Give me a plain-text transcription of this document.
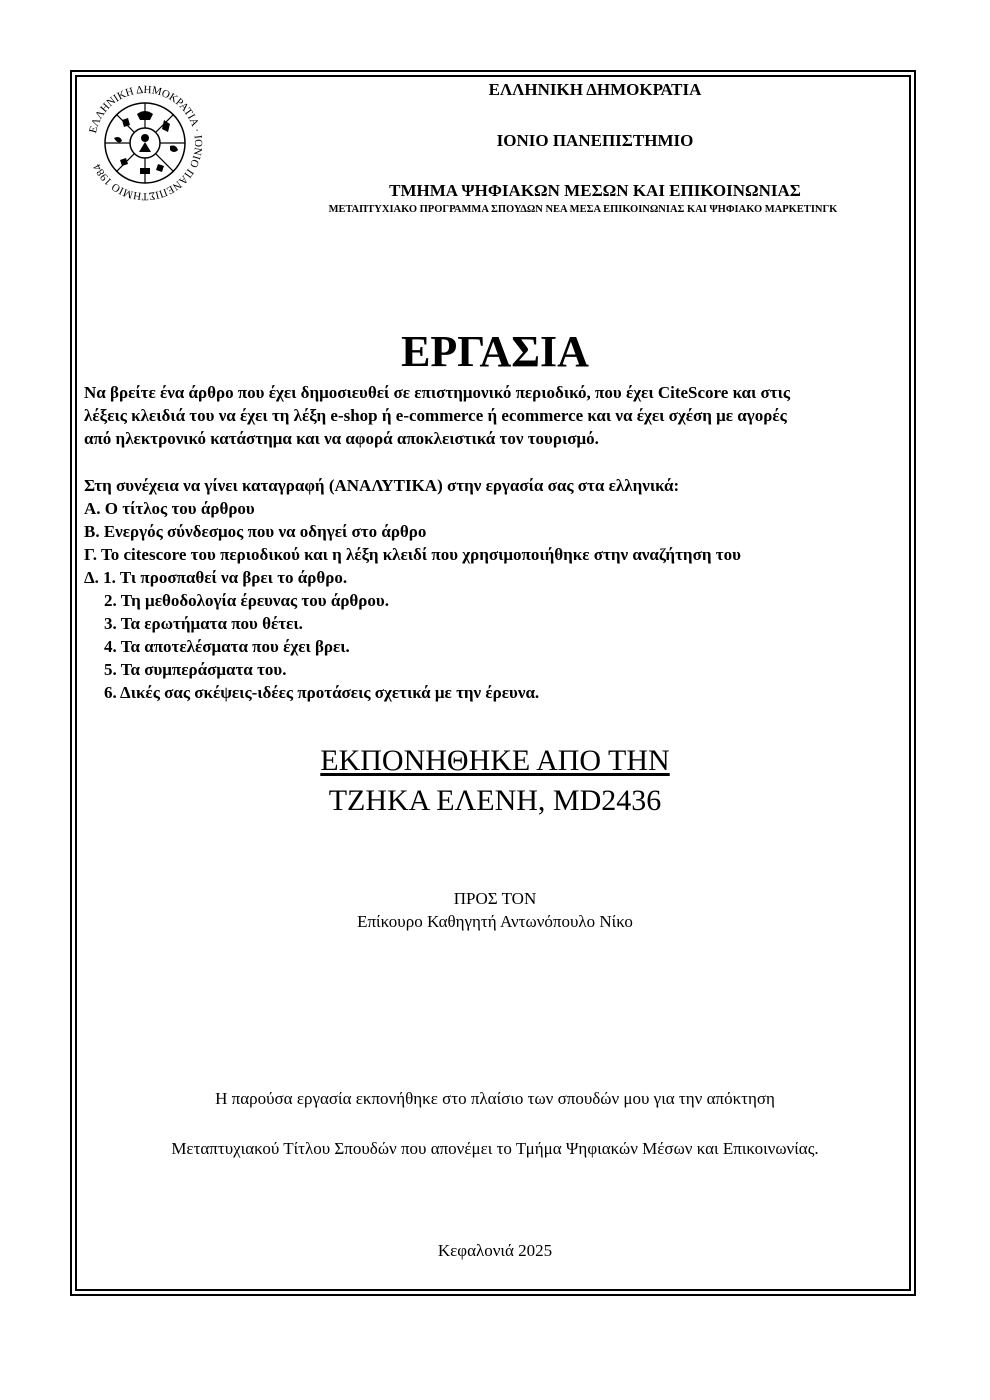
ΕΛΛΗΝΙΚΗ ΔΗΜΟΚΡΑΤΙΑ · ΙΟΝΙΟ ΠΑΝΕΠΙΣΤΗΜΙΟ 1984
ΕΛΛΗΝΙΚΗ ΔΗΜΟΚΡΑΤΙΑ
ΙΟΝΙΟ ΠΑΝΕΠΙΣΤΗΜΙΟ
ΤΜΗΜΑ ΨΗΦΙΑΚΩΝ ΜΕΣΩΝ ΚΑΙ ΕΠΙΚΟΙΝΩΝΙΑΣ
ΜΕΤΑΠΤΥΧΙΑΚΟ ΠΡΟΓΡΑΜΜΑ ΣΠΟΥΔΩΝ ΝΕΑ ΜΕΣΑ ΕΠΙΚΟΙΝΩΝΙΑΣ ΚΑΙ ΨΗΦΙΑΚΟ ΜΑΡΚΕΤΙΝΓΚ
ΕΡΓΑΣΙΑ
Να βρείτε ένα άρθρο που έχει δημοσιευθεί σε επιστημονικό περιοδικό, που έχει CiteScore και στις
λέξεις κλειδιά του να έχει τη λέξη e-shop ή e-commerce ή ecommerce και να έχει σχέση με αγορές
από ηλεκτρονικό κατάστημα και να αφορά αποκλειστικά τον τουρισμό.
Στη συνέχεια να γίνει καταγραφή (ΑΝΑΛΥΤΙΚΑ) στην εργασία σας στα ελληνικά:
Α. Ο τίτλος του άρθρου
Β. Ενεργός σύνδεσμος που να οδηγεί στο άρθρο
Γ. Το citescore του περιοδικού και η λέξη κλειδί που χρησιμοποιήθηκε στην αναζήτηση του
Δ. 1. Τι προσπαθεί να βρει το άρθρο.
2. Τη μεθοδολογία έρευνας του άρθρου.
3. Τα ερωτήματα που θέτει.
4. Τα αποτελέσματα που έχει βρει.
5. Τα συμπεράσματα του.
6. Δικές σας σκέψεις-ιδέες προτάσεις σχετικά με την έρευνα.
ΕΚΠΟΝΗΘΗΚΕ ΑΠΟ ΤΗΝ
ΤΖΗΚΑ ΕΛΕΝΗ, MD2436
ΠΡΟΣ ΤΟΝ
Επίκουρο Καθηγητή Αντωνόπουλο Νίκο
Η παρούσα εργασία εκπονήθηκε στο πλαίσιο των σπουδών μου για την απόκτηση
Μεταπτυχιακού Τίτλου Σπουδών που απονέμει το Τμήμα Ψηφιακών Μέσων και Επικοινωνίας.
Κεφαλονιά 2025
